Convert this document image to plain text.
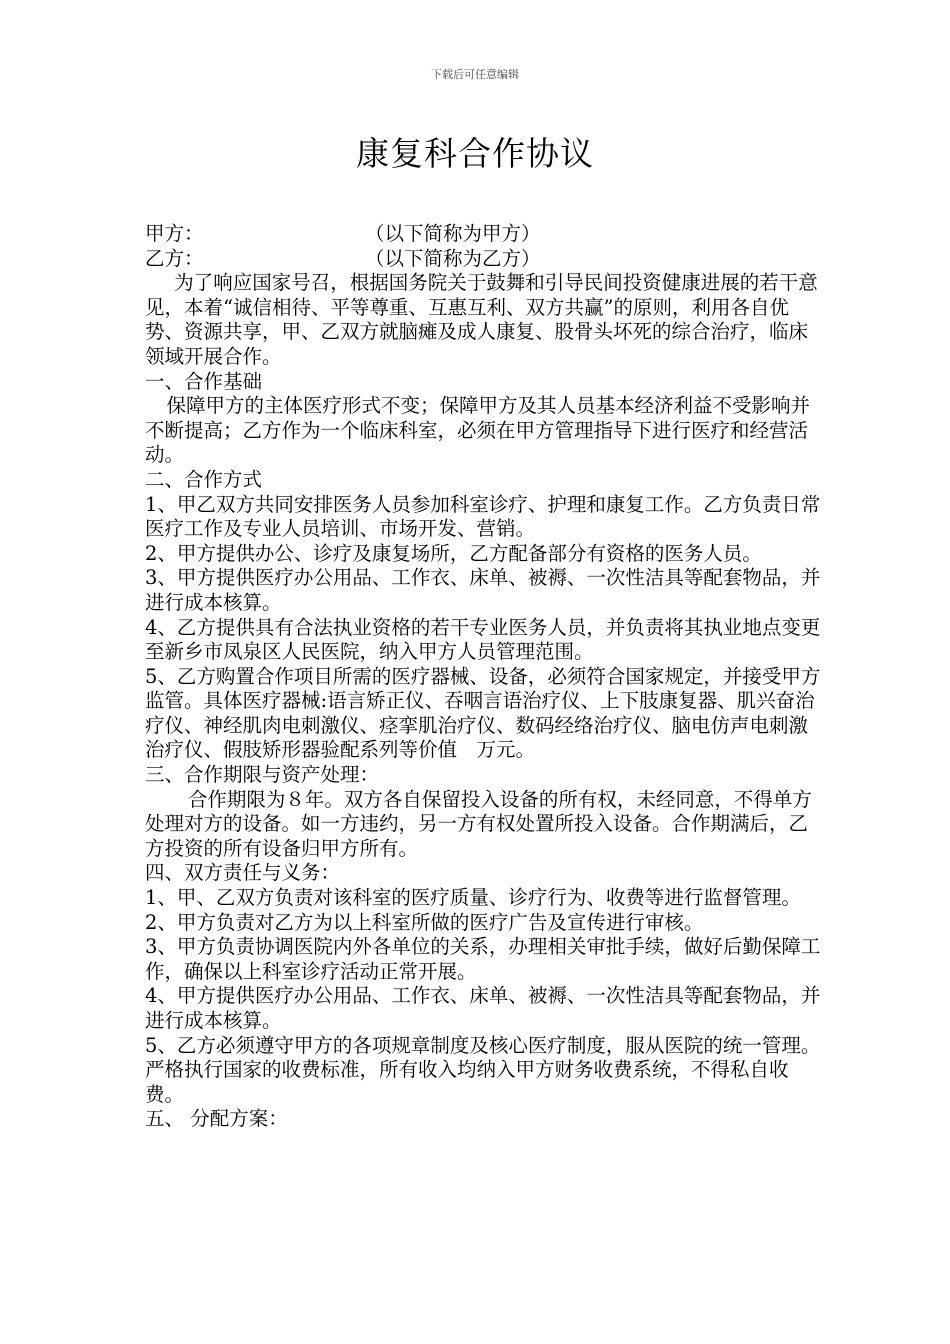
下载后可任意编辑
康复科合作协议
甲方：	（以下简称为甲方）
乙方：	（以下简称为乙方）

为了响应国家号召，根据国务院关于鼓舞和引导民间投资健康进展的若干意见，本着“诚信相待、平等尊重、互惠互利、双方共赢”的原则，利用各自优势、资源共享，甲、乙双方就脑瘫及成人康复、股骨头坏死的综合治疗，临床领域开展合作。

一、合作基础

保障甲方的主体医疗形式不变；保障甲方及其人员基本经济利益不受影响并不断提高；乙方作为一个临床科室，必须在甲方管理指导下进行医疗和经营活动。

二、合作方式

1、甲乙双方共同安排医务人员参加科室诊疗、护理和康复工作。乙方负责日常医疗工作及专业人员培训、市场开发、营销。

2、甲方提供办公、诊疗及康复场所，乙方配备部分有资格的医务人员。

3、甲方提供医疗办公用品、工作衣、床单、被褥、一次性洁具等配套物品，并进行成本核算。

4、乙方提供具有合法执业资格的若干专业医务人员，并负责将其执业地点变更至新乡市凤泉区人民医院，纳入甲方人员管理范围。

5、乙方购置合作项目所需的医疗器械、设备，必须符合国家规定，并接受甲方监管。具体医疗器械:语言矫正仪、吞咽言语治疗仪、上下肢康复器、肌兴奋治疗仪、神经肌肉电刺激仪、痉挛肌治疗仪、数码经络治疗仪、脑电仿声电刺激治疗仪、假肢矫形器验配系列等价值　万元。

三、合作期限与资产处理：

合作期限为８年。双方各自保留投入设备的所有权，未经同意，不得单方处理对方的设备。如一方违约，另一方有权处置所投入设备。合作期满后，乙方投资的所有设备归甲方所有。

四、双方责任与义务：

1、甲、乙双方负责对该科室的医疗质量、诊疗行为、收费等进行监督管理。

2、甲方负责对乙方为以上科室所做的医疗广告及宣传进行审核。

3、甲方负责协调医院内外各单位的关系，办理相关审批手续，做好后勤保障工作，确保以上科室诊疗活动正常开展。

4、甲方提供医疗办公用品、工作衣、床单、被褥、一次性洁具等配套物品，并进行成本核算。

5、乙方必须遵守甲方的各项规章制度及核心医疗制度，服从医院的统一管理。严格执行国家的收费标准，所有收入均纳入甲方财务收费系统，不得私自收费。

五、 分配方案：
